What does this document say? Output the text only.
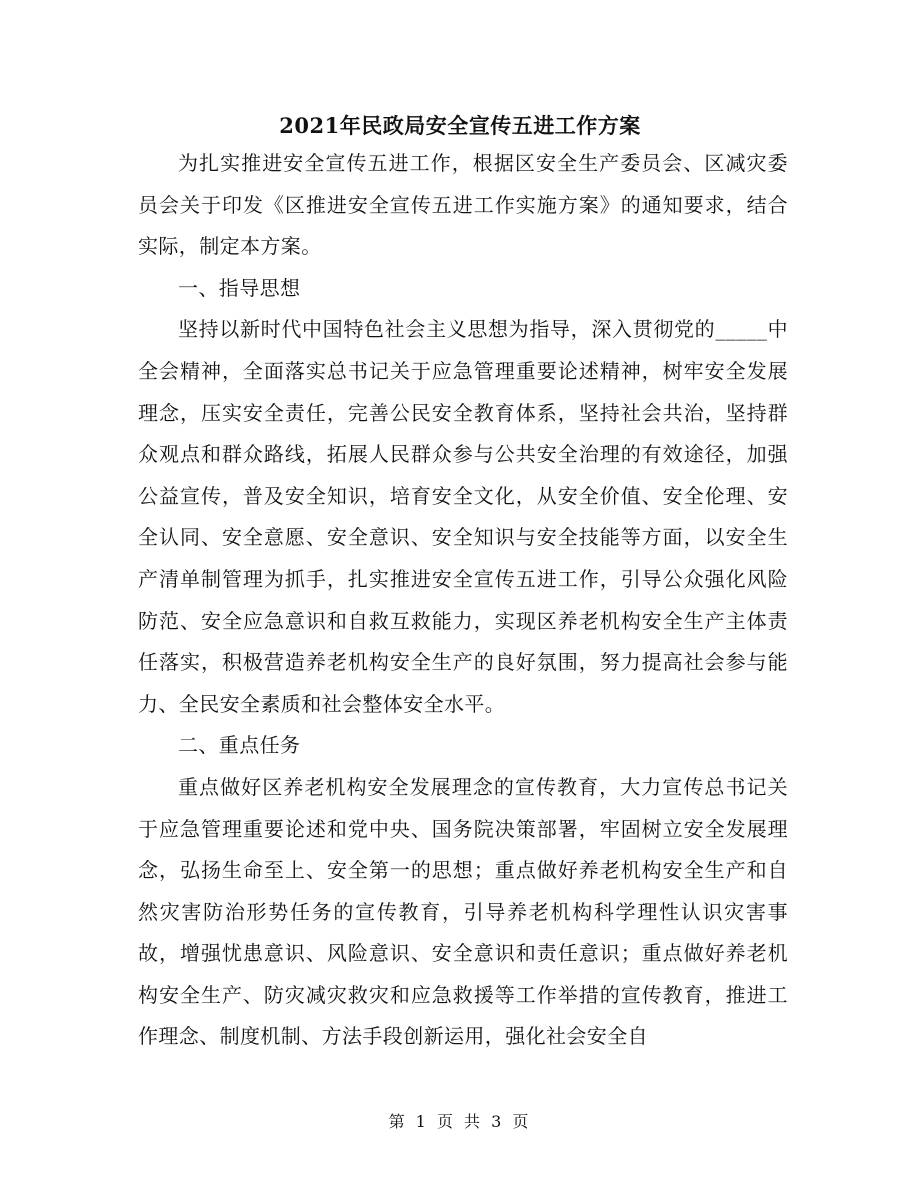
2021年民政局安全宣传五进工作方案

为扎实推进安全宣传五进工作，根据区安全生产委员会、区减灾委员会关于印发《区推进安全宣传五进工作实施方案》的通知要求，结合实际，制定本方案。

一、指导思想

坚持以新时代中国特色社会主义思想为指导，深入贯彻党的_____中全会精神，全面落实总书记关于应急管理重要论述精神，树牢安全发展理念，压实安全责任，完善公民安全教育体系，坚持社会共治，坚持群众观点和群众路线，拓展人民群众参与公共安全治理的有效途径，加强公益宣传，普及安全知识，培育安全文化，从安全价值、安全伦理、安全认同、安全意愿、安全意识、安全知识与安全技能等方面，以安全生产清单制管理为抓手，扎实推进安全宣传五进工作，引导公众强化风险防范、安全应急意识和自救互救能力，实现区养老机构安全生产主体责任落实，积极营造养老机构安全生产的良好氛围，努力提高社会参与能力、全民安全素质和社会整体安全水平。

二、重点任务

重点做好区养老机构安全发展理念的宣传教育，大力宣传总书记关于应急管理重要论述和党中央、国务院决策部署，牢固树立安全发展理念，弘扬生命至上、安全第一的思想；重点做好养老机构安全生产和自然灾害防治形势任务的宣传教育，引导养老机构科学理性认识灾害事故，增强忧患意识、风险意识、安全意识和责任意识；重点做好养老机构安全生产、防灾减灾救灾和应急救援等工作举措的宣传教育，推进工作理念、制度机制、方法手段创新运用，强化社会安全自

第 1 页 共 3 页
